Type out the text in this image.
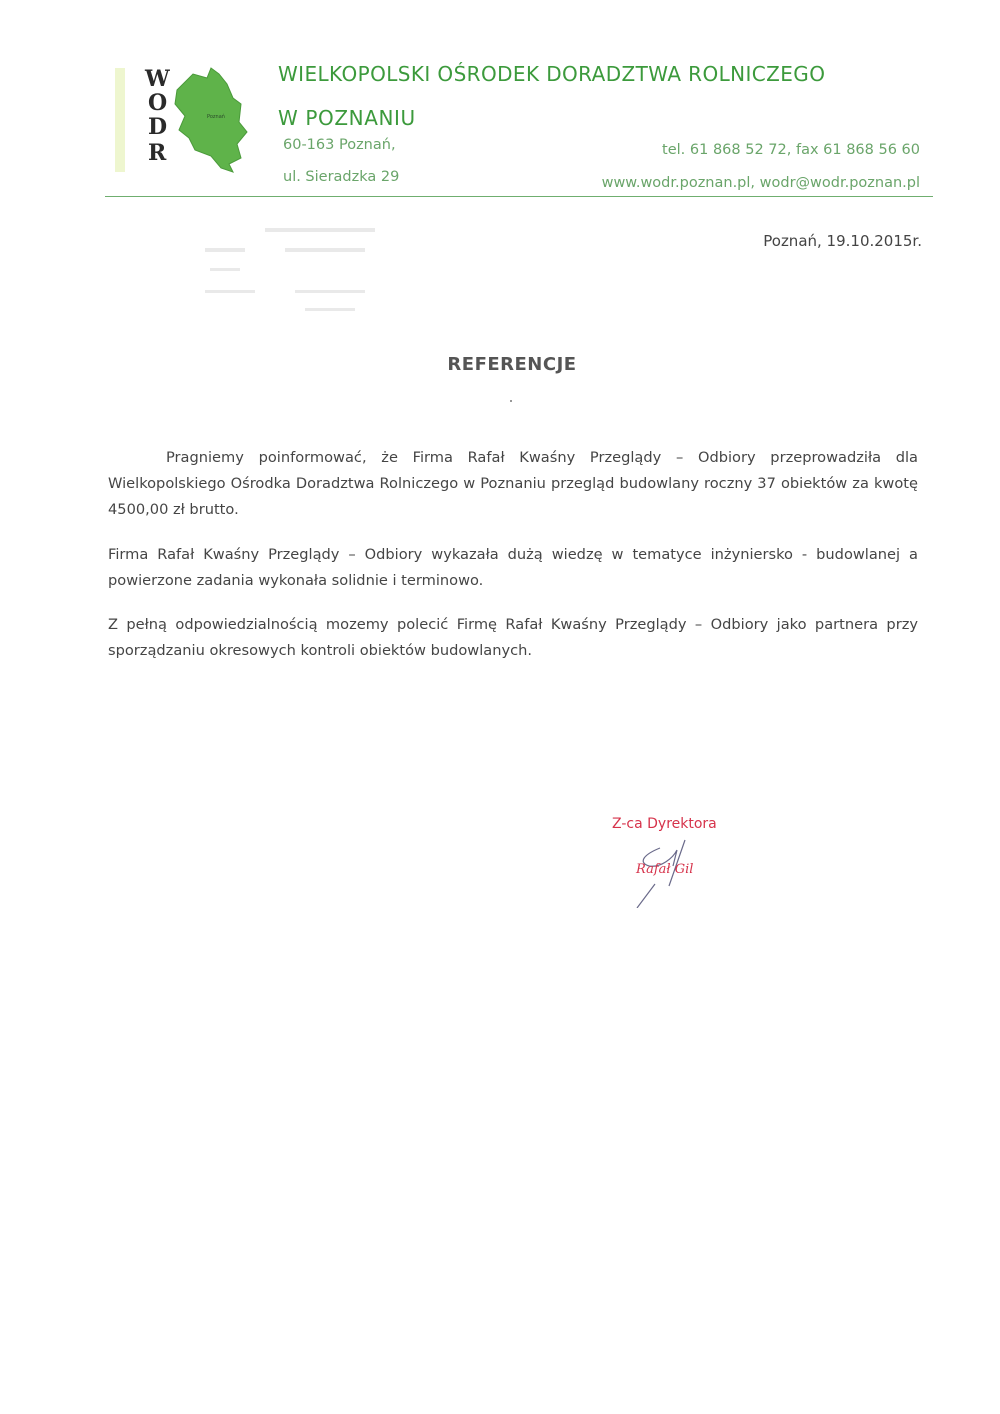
W
O
D
R
Poznań
WIELKOPOLSKI OŚRODEK DORADZTWA ROLNICZEGO
W POZNANIU
60-163 Poznań,
ul. Sieradzka 29
tel. 61 868 52 72, fax 61 868 56 60
www.wodr.poznan.pl, wodr@wodr.poznan.pl
Poznań, 19.10.2015r.
REFERENCJE
Pragniemy poinformować, że Firma Rafał Kwaśny Przeglądy – Odbiory przeprowadziła dla Wielkopolskiego Ośrodka Doradztwa Rolniczego w Poznaniu przegląd budowlany roczny 37 obiektów za kwotę 4500,00 zł brutto.
Firma Rafał Kwaśny Przeglądy – Odbiory wykazała dużą wiedzę w tematyce inżyniersko - budowlanej a powierzone zadania wykonała solidnie i terminowo.
Z pełną odpowiedzialnością mozemy polecić Firmę Rafał Kwaśny Przeglądy – Odbiory jako partnera przy sporządzaniu okresowych kontroli obiektów budowlanych.
Z-ca Dyrektora
Rafał Gil
